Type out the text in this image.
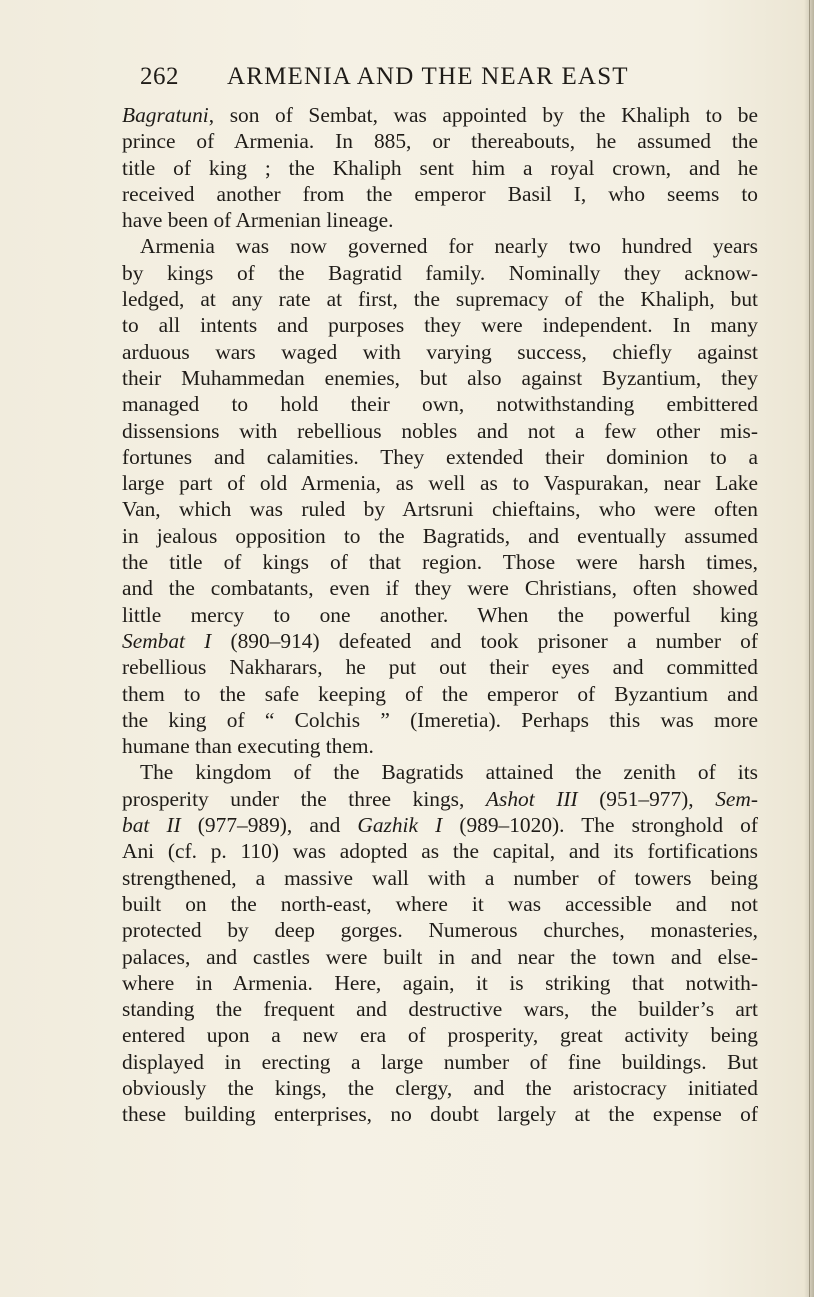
262 ARMENIA AND THE NEAR EAST
Bagratuni, son of Sembat, was appointed by the Khaliph to be
prince of Armenia. In 885, or thereabouts, he assumed the
title of king ; the Khaliph sent him a royal crown, and he
received another from the emperor Basil I, who seems to
have been of Armenian lineage.
Armenia was now governed for nearly two hundred years
by kings of the Bagratid family. Nominally they acknow-
ledged, at any rate at first, the supremacy of the Khaliph, but
to all intents and purposes they were independent. In many
arduous wars waged with varying success, chiefly against
their Muhammedan enemies, but also against Byzantium, they
managed to hold their own, notwithstanding embittered
dissensions with rebellious nobles and not a few other mis-
fortunes and calamities. They extended their dominion to a
large part of old Armenia, as well as to Vaspurakan, near Lake
Van, which was ruled by Artsruni chieftains, who were often
in jealous opposition to the Bagratids, and eventually assumed
the title of kings of that region. Those were harsh times,
and the combatants, even if they were Christians, often showed
little mercy to one another. When the powerful king
Sembat I (890–914) defeated and took prisoner a number of
rebellious Nakharars, he put out their eyes and committed
them to the safe keeping of the emperor of Byzantium and
the king of “ Colchis ” (Imeretia). Perhaps this was more
humane than executing them.
The kingdom of the Bagratids attained the zenith of its
prosperity under the three kings, Ashot III (951–977), Sem-
bat II (977–989), and Gazhik I (989–1020). The stronghold of
Ani (cf. p. 110) was adopted as the capital, and its fortifications
strengthened, a massive wall with a number of towers being
built on the north-east, where it was accessible and not
protected by deep gorges. Numerous churches, monasteries,
palaces, and castles were built in and near the town and else-
where in Armenia. Here, again, it is striking that notwith-
standing the frequent and destructive wars, the builder’s art
entered upon a new era of prosperity, great activity being
displayed in erecting a large number of fine buildings. But
obviously the kings, the clergy, and the aristocracy initiated
these building enterprises, no doubt largely at the expense of
